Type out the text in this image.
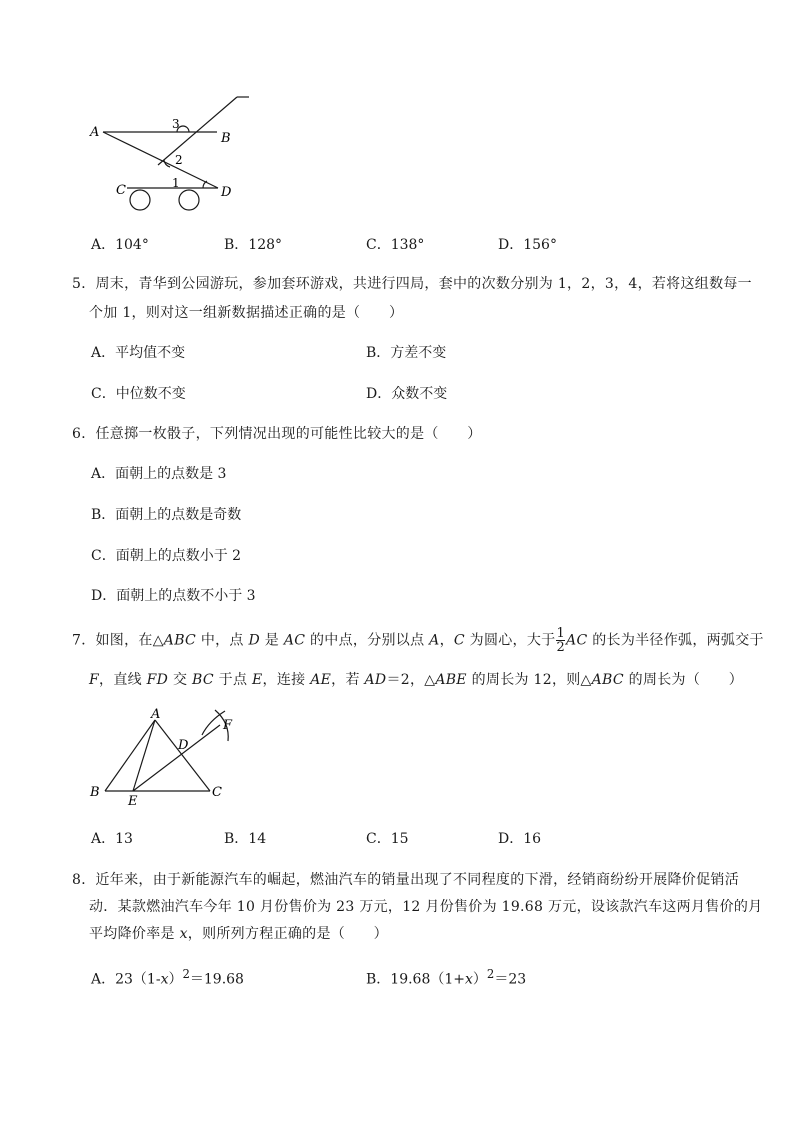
A	B
C	D
3
2
1
A．104°	B．128°	C．138°	D．156°
5．周末，青华到公园游玩，参加套环游戏，共进行四局，套中的次数分别为 1，2，3，4，若将这组数每一
个加 1，则对这一组新数据描述正确的是（　　）
A．平均值不变	B．方差不变
C．中位数不变	D．众数不变
6．任意掷一枚骰子，下列情况出现的可能性比较大的是（　　）
A．面朝上的点数是 3
B．面朝上的点数是奇数
C．面朝上的点数小于 2
D．面朝上的点数不小于 3
7．如图，在△ABC 中，点 D 是 AC 的中点，分别以点 A，C 为圆心，大于 $\frac{1}{2}$ AC 的长为半径作弧，两弧交于
F，直线 FD 交 BC 于点 E，连接 AE，若 AD＝2，△ABE 的周长为 12，则△ABC 的周长为（　　）
A
B	C
D
E
F
A．13	B．14	C．15	D．16
8．近年来，由于新能源汽车的崛起，燃油汽车的销量出现了不同程度的下滑，经销商纷纷开展降价促销活
动．某款燃油汽车今年 10 月份售价为 23 万元，12 月份售价为 19.68 万元，设该款汽车这两月售价的月
平均降价率是 x，则所列方程正确的是（　　）
A．$23(1-x)^2=19.68$	B．$19.68(1+x)^2=23$
